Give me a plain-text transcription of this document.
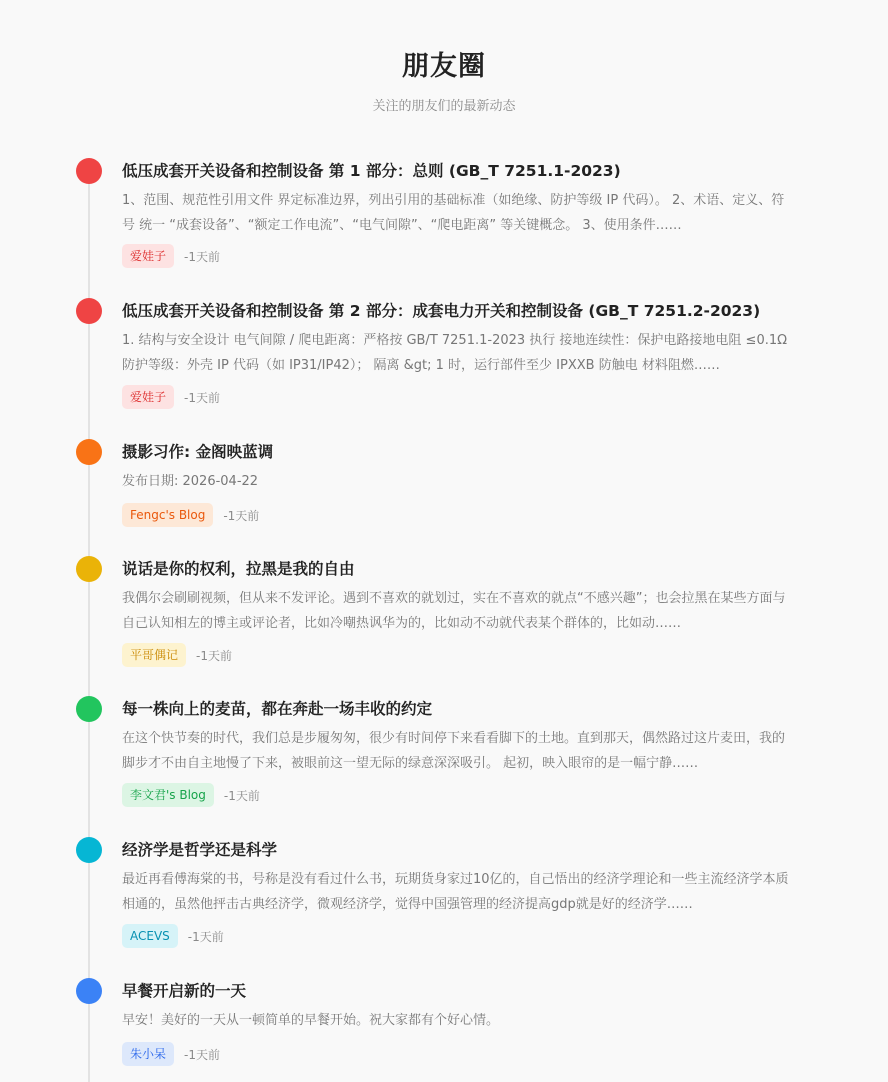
朋友圈
关注的朋友们的最新动态
低压成套开关设备和控制设备 第 1 部分：总则 (GB_T 7251.1-2023)
1、范围、规范性引用文件 界定标准边界，列出引用的基础标准（如绝缘、防护等级 IP 代码）。 2、术语、定义、符号 统一 “成套设备”、“额定工作电流”、“电气间隙”、“爬电距离” 等关键概念。 3、使用条件……
爱娃子	-1天前
低压成套开关设备和控制设备 第 2 部分：成套电力开关和控制设备 (GB_T 7251.2-2023)
1. 结构与安全设计 电气间隙 / 爬电距离：严格按 GB/T 7251.1-2023 执行 接地连续性：保护电路接地电阻 ≤0.1Ω 防护等级：外壳 IP 代码（如 IP31/IP42）； 隔离 &gt; 1 时，运行部件至少 IPXXB 防触电 材料阻燃……
爱娃子	-1天前
摄影习作: 金阁映蓝调
发布日期: 2026-04-22
Fengc's Blog	-1天前
说话是你的权利，拉黑是我的自由
我偶尔会刷刷视频，但从来不发评论。遇到不喜欢的就划过，实在不喜欢的就点“不感兴趣”；也会拉黑在某些方面与自己认知相左的博主或评论者，比如冷嘲热讽华为的，比如动不动就代表某个群体的，比如动……
平哥偶记	-1天前
每一株向上的麦苗，都在奔赴一场丰收的约定
在这个快节奏的时代，我们总是步履匆匆，很少有时间停下来看看脚下的土地。直到那天，偶然路过这片麦田，我的脚步才不由自主地慢了下来，被眼前这一望无际的绿意深深吸引。 起初，映入眼帘的是一幅宁静……
李文君's Blog	-1天前
经济学是哲学还是科学
最近再看傅海棠的书，号称是没有看过什么书，玩期货身家过10亿的，自己悟出的经济学理论和一些主流经济学本质相通的，虽然他抨击古典经济学，微观经济学，觉得中国强管理的经济提高gdp就是好的经济学……
ACEVS	-1天前
早餐开启新的一天
早安！美好的一天从一顿简单的早餐开始。祝大家都有个好心情。
朱小呆	-1天前
